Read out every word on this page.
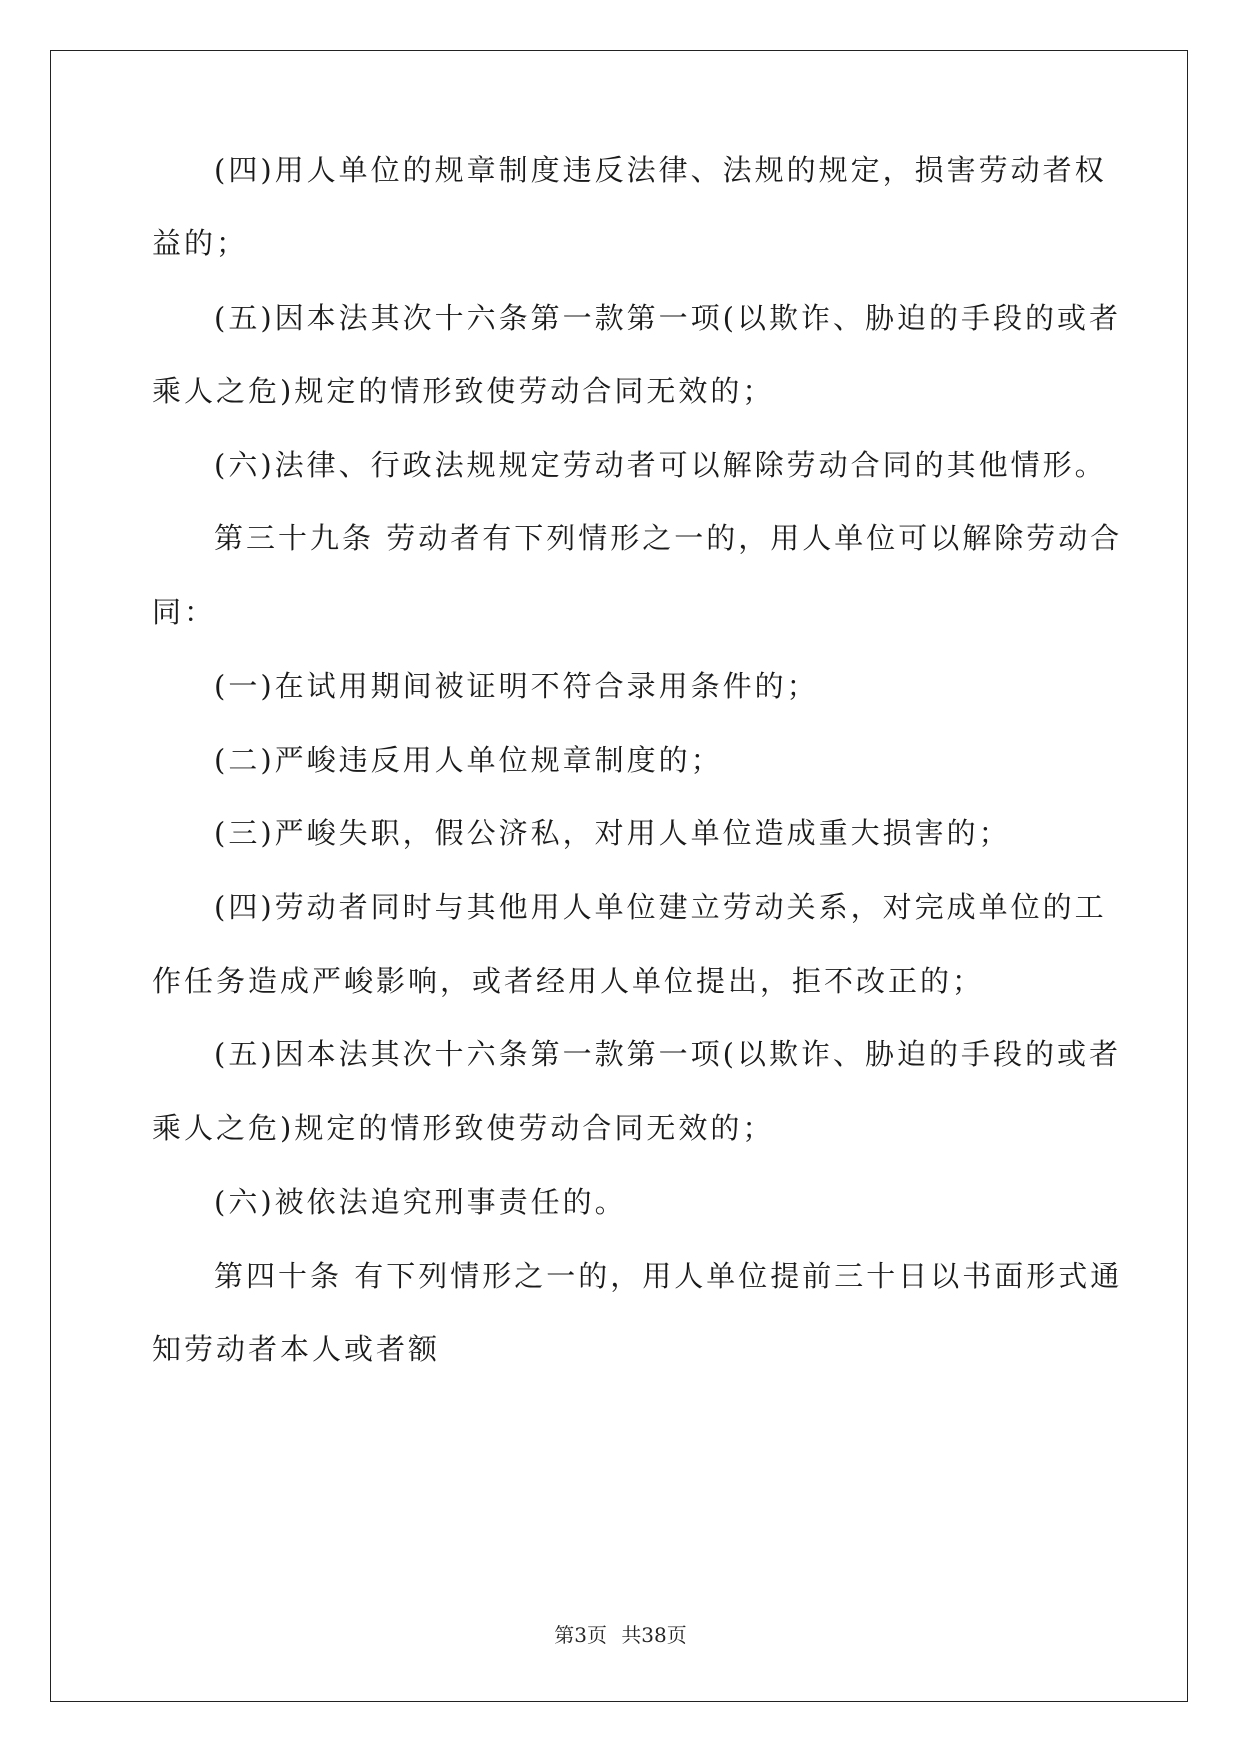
(四)用人单位的规章制度违反法律、法规的规定，损害劳动者权
益的；
(五)因本法其次十六条第一款第一项(以欺诈、胁迫的手段的或者
乘人之危)规定的情形致使劳动合同无效的；
(六)法律、行政法规规定劳动者可以解除劳动合同的其他情形。
第三十九条 劳动者有下列情形之一的，用人单位可以解除劳动合
同：
(一)在试用期间被证明不符合录用条件的；
(二)严峻违反用人单位规章制度的；
(三)严峻失职，假公济私，对用人单位造成重大损害的；
(四)劳动者同时与其他用人单位建立劳动关系，对完成单位的工
作任务造成严峻影响，或者经用人单位提出，拒不改正的；
(五)因本法其次十六条第一款第一项(以欺诈、胁迫的手段的或者
乘人之危)规定的情形致使劳动合同无效的；
(六)被依法追究刑事责任的。
第四十条 有下列情形之一的，用人单位提前三十日以书面形式通
知劳动者本人或者额
第3页 共38页
